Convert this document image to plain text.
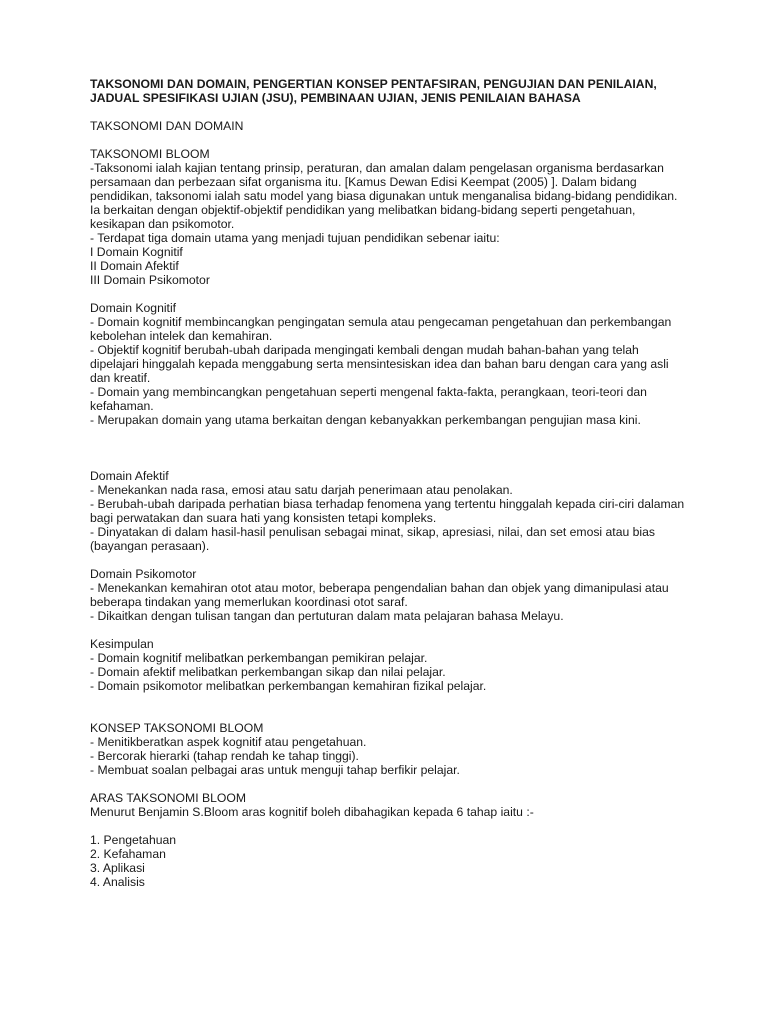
TAKSONOMI DAN DOMAIN, PENGERTIAN KONSEP PENTAFSIRAN, PENGUJIAN DAN PENILAIAN, JADUAL SPESIFIKASI UJIAN (JSU), PEMBINAAN UJIAN, JENIS PENILAIAN BAHASA

TAKSONOMI DAN DOMAIN
TAKSONOMI BLOOM
-Taksonomi ialah kajian tentang prinsip, peraturan, dan amalan dalam pengelasan organisma berdasarkan persamaan dan perbezaan sifat organisma itu. [Kamus Dewan Edisi Keempat (2005) ]. Dalam bidang pendidikan, taksonomi ialah satu model yang biasa digunakan untuk menganalisa bidang-bidang pendidikan. Ia berkaitan dengan objektif-objektif pendidikan yang melibatkan bidang-bidang seperti pengetahuan, kesikapan dan psikomotor.
- Terdapat tiga domain utama yang menjadi tujuan pendidikan sebenar iaitu:
I Domain Kognitif
II Domain Afektif
III Domain Psikomotor
Domain Kognitif
- Domain kognitif membincangkan pengingatan semula atau pengecaman pengetahuan dan perkembangan kebolehan intelek dan kemahiran.
- Objektif kognitif berubah-ubah daripada mengingati kembali dengan mudah bahan-bahan yang telah dipelajari hinggalah kepada menggabung serta mensintesiskan idea dan bahan baru dengan cara yang asli dan kreatif.
- Domain yang membincangkan pengetahuan seperti mengenal fakta-fakta, perangkaan, teori-teori dan kefahaman.
- Merupakan domain yang utama berkaitan dengan kebanyakkan perkembangan pengujian masa kini.
Domain Afektif
- Menekankan nada rasa, emosi atau satu darjah penerimaan atau penolakan.
- Berubah-ubah daripada perhatian biasa terhadap fenomena yang tertentu hinggalah kepada ciri-ciri dalaman bagi perwatakan dan suara hati yang konsisten tetapi kompleks.
- Dinyatakan di dalam hasil-hasil penulisan sebagai minat, sikap, apresiasi, nilai, dan set emosi atau bias (bayangan perasaan).
Domain Psikomotor
- Menekankan kemahiran otot atau motor, beberapa pengendalian bahan dan objek yang dimanipulasi atau beberapa tindakan yang memerlukan koordinasi otot saraf.
- Dikaitkan dengan tulisan tangan dan pertuturan dalam mata pelajaran bahasa Melayu.
Kesimpulan
- Domain kognitif melibatkan perkembangan pemikiran pelajar.
- Domain afektif melibatkan perkembangan sikap dan nilai pelajar.
- Domain psikomotor melibatkan perkembangan kemahiran fizikal pelajar.
KONSEP TAKSONOMI BLOOM
- Menitikberatkan aspek kognitif atau pengetahuan.
- Bercorak hierarki (tahap rendah ke tahap tinggi).
- Membuat soalan pelbagai aras untuk menguji tahap berfikir pelajar.
ARAS TAKSONOMI BLOOM
Menurut Benjamin S.Bloom aras kognitif boleh dibahagikan kepada 6 tahap iaitu :-
1. Pengetahuan
2. Kefahaman
3. Aplikasi
4. Analisis
